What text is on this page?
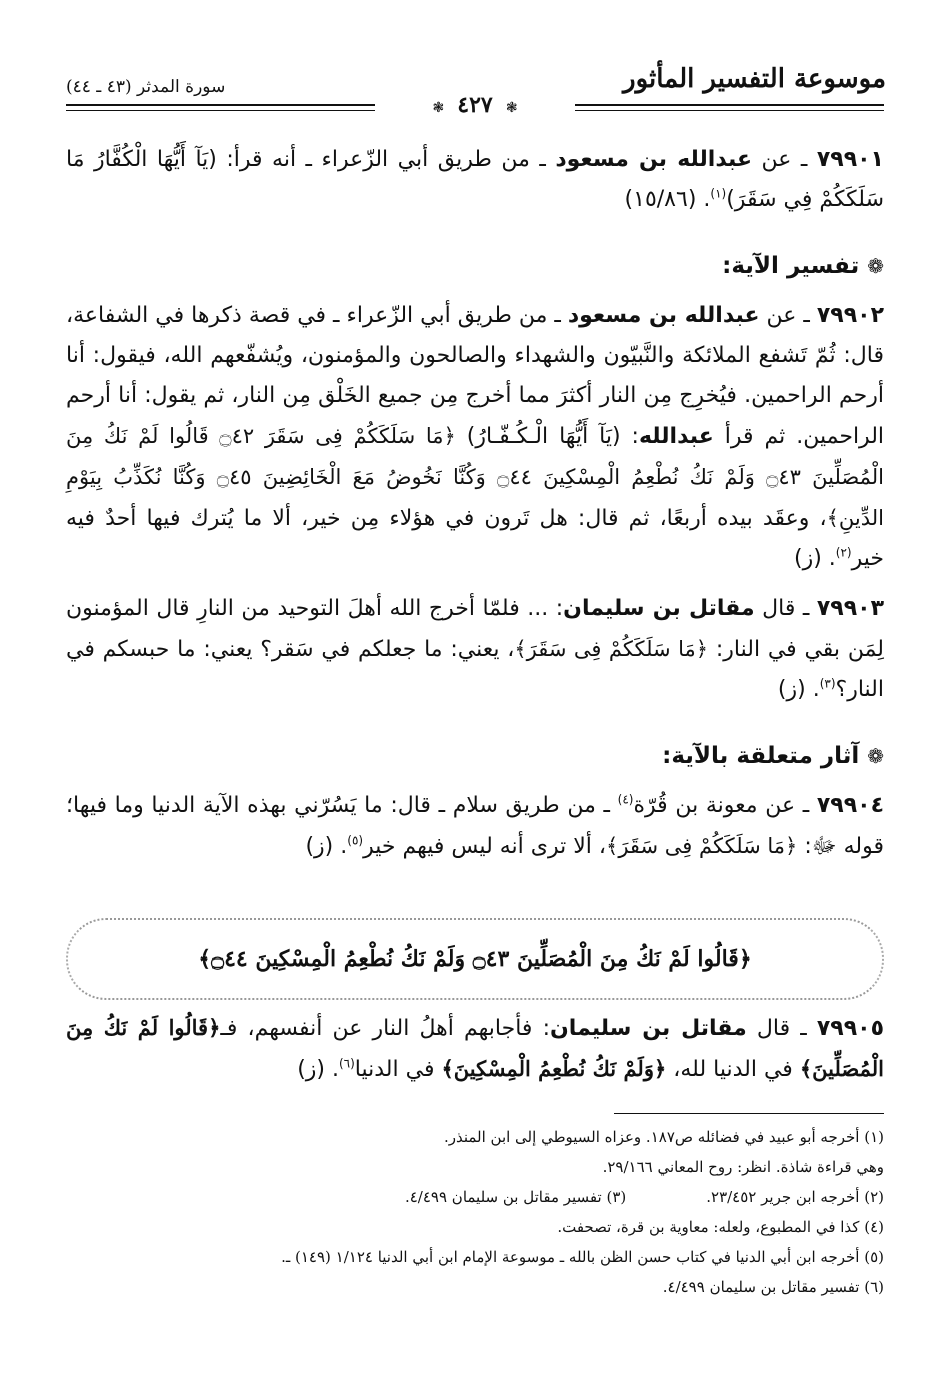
سورة المدثر (٤٣ ـ ٤٤)	موسوعة التفسير المأثور
❃ ٤٢٧ ❃

٧٩٩٠١ ـ عن عبدالله بن مسعود ـ من طريق أبي الزّعراء ـ أنه قرأ: (يَآ أَيُّهَا الْكُفَّارُ مَا سَلَكَكُمْ فِي سَقَرَ)$^{(١)}$. (١٥/٨٦)

❁تفسير الآية:

٧٩٩٠٢ ـ عن عبدالله بن مسعود ـ من طريق أبي الزّعراء ـ في قصة ذكرها في الشفاعة، قال: ثُمّ تَشفع الملائكة والنَّبيّون والشهداء والصالحون والمؤمنون، ويُشفّعهم الله، فيقول: أنا أرحم الراحمين. فيُخرِج مِن النار أكثرَ مما أخرج مِن جميع الخَلْق مِن النار، ثم يقول: أنا أرحم الراحمين. ثم قرأ عبدالله: (يَآ أَيُّهَا الْـكُـفّـارُ) ﴿مَا سَلَكَكُمْ فِى سَقَرَ ۝٤٢ قَالُوا لَمْ نَكُ مِنَ الْمُصَلِّينَ ۝٤٣ وَلَمْ نَكُ نُطْعِمُ الْمِسْكِينَ ۝٤٤ وَكُنَّا نَخُوضُ مَعَ الْخَائِضِينَ ۝٤٥ وَكُنَّا نُكَذِّبُ بِيَوْمِ الدِّينِ﴾، وعقَد بيده أربعًا، ثم قال: هل تَرون في هؤلاء مِن خير، ألا ما يُترك فيها أحدٌ فيه خير$^{(٢)}$. (ز)

٧٩٩٠٣ ـ قال مقاتل بن سليمان: ... فلمّا أخرج الله أهلَ التوحيد من النارِ قال المؤمنون لِمَن بقي في النار: ﴿مَا سَلَكَكُمْ فِى سَقَرَ﴾، يعني: ما جعلكم في سَقر؟ يعني: ما حبسكم في النار؟$^{(٣)}$. (ز)

❁آثار متعلقة بالآية:

٧٩٩٠٤ ـ عن معونة بن قُرّة$^{(٤)}$ ـ من طريق سلام ـ قال: ما يَسُرّني بهذه الآية الدنيا وما فيها؛ قوله ﷻ: ﴿مَا سَلَكَكُمْ فِى سَقَرَ﴾، ألا ترى أنه ليس فيهم خير$^{(٥)}$. (ز)

﴿قَالُوا لَمْ نَكُ مِنَ الْمُصَلِّينَ ۝٤٣ وَلَمْ نَكُ نُطْعِمُ الْمِسْكِينَ ۝٤٤﴾

٧٩٩٠٥ ـ قال مقاتل بن سليمان: فأجابهم أهلُ النار عن أنفسهم، فـ﴿قَالُوا لَمْ نَكُ مِنَ الْمُصَلِّينَ﴾ في الدنيا لله، ﴿وَلَمْ نَكُ نُطْعِمُ الْمِسْكِينَ﴾ في الدنيا$^{(٦)}$. (ز)

(١) أخرجه أبو عبيد في فضائله ص١٨٧. وعزاه السيوطي إلى ابن المنذر.
وهي قراءة شاذة. انظر: روح المعاني ٢٩/١٦٦.
(٢) أخرجه ابن جرير ٢٣/٤٥٢.
(٣) تفسير مقاتل بن سليمان ٤/٤٩٩.
(٤) كذا في المطبوع، ولعله: معاوية بن قرة، تصحفت.
(٥) أخرجه ابن أبي الدنيا في كتاب حسن الظن بالله ـ موسوعة الإمام ابن أبي الدنيا ١/١٢٤ (١٤٩) ـ.
(٦) تفسير مقاتل بن سليمان ٤/٤٩٩.
